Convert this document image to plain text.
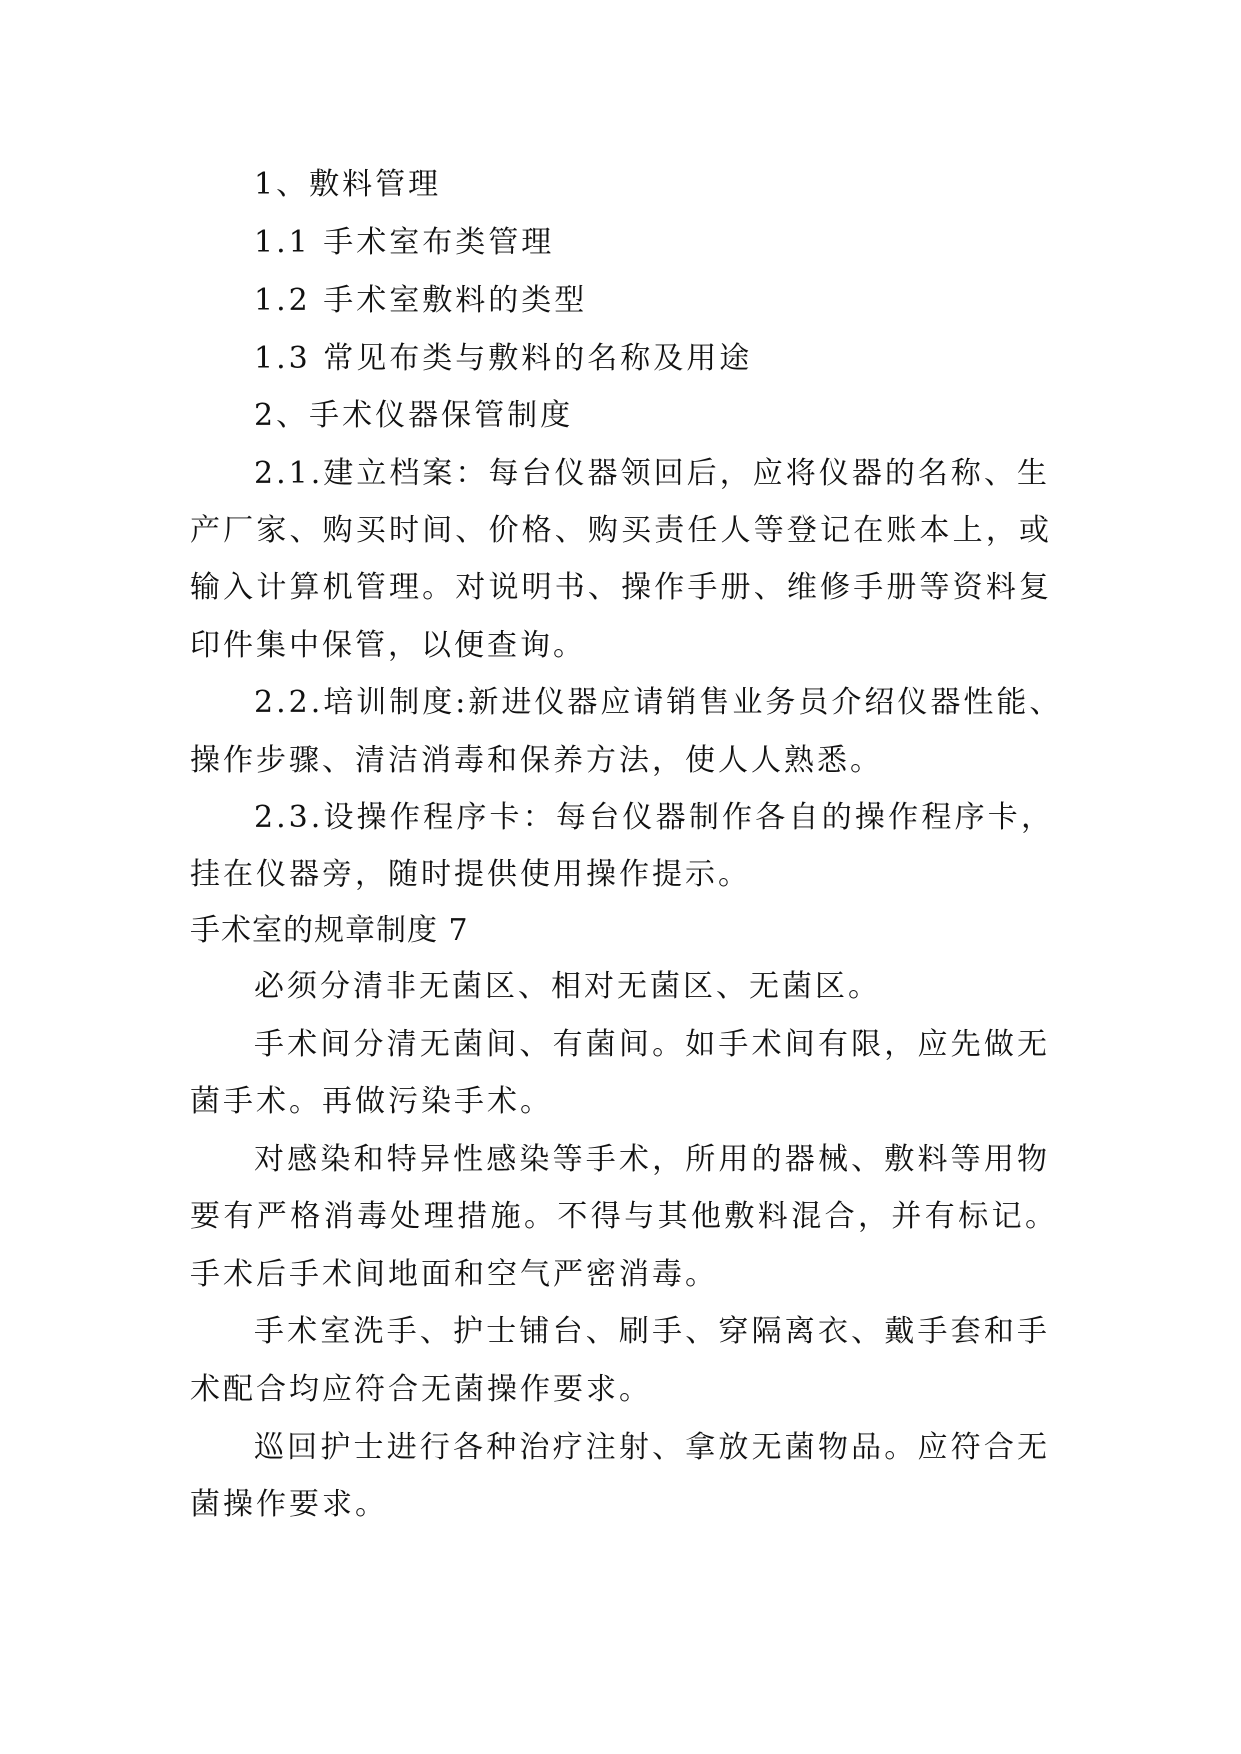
1、敷料管理
1.1 手术室布类管理
1.2 手术室敷料的类型
1.3 常见布类与敷料的名称及用途
2、手术仪器保管制度
2.1.建立档案：每台仪器领回后，应将仪器的名称、生
产厂家、购买时间、价格、购买责任人等登记在账本上，或
输入计算机管理。对说明书、操作手册、维修手册等资料复
印件集中保管，以便查询。
2.2.培训制度:新进仪器应请销售业务员介绍仪器性能、
操作步骤、清洁消毒和保养方法，使人人熟悉。
2.3.设操作程序卡：每台仪器制作各自的操作程序卡，
挂在仪器旁，随时提供使用操作提示。
手术室的规章制度 7
必须分清非无菌区、相对无菌区、无菌区。
手术间分清无菌间、有菌间。如手术间有限，应先做无
菌手术。再做污染手术。
对感染和特异性感染等手术，所用的器械、敷料等用物
要有严格消毒处理措施。不得与其他敷料混合，并有标记。
手术后手术间地面和空气严密消毒。
手术室洗手、护士铺台、刷手、穿隔离衣、戴手套和手
术配合均应符合无菌操作要求。
巡回护士进行各种治疗注射、拿放无菌物品。应符合无
菌操作要求。
